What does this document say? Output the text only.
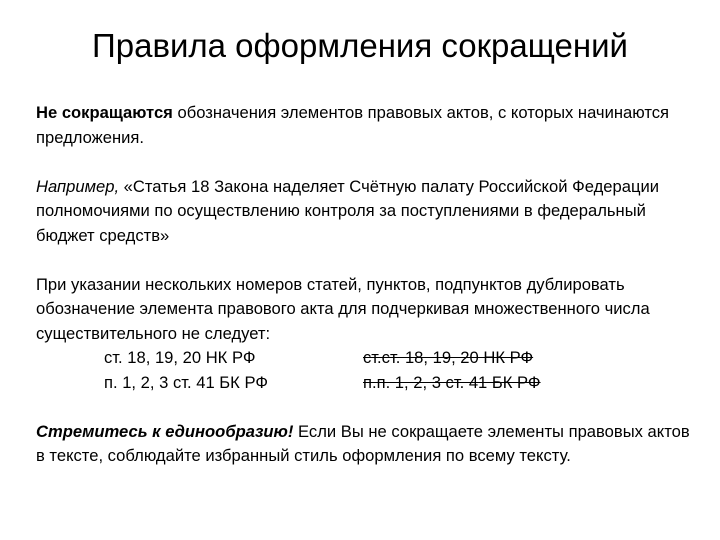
Правила оформления сокращений

Не сокращаются обозначения элементов правовых актов, с которых начинаются предложения.

Например, «Статья 18 Закона наделяет Счётную палату Российской Федерации полномочиями по осуществлению контроля за поступлениями в федеральный бюджет средств»

При указании нескольких номеров статей, пунктов, подпунктов дублировать обозначение элемента правового акта для подчеркивая множественного числа существительного не следует:

ст. 18, 19, 20 НК РФ	ст.ст. 18, 19, 20 НК РФ
п. 1, 2, 3 ст. 41 БК РФ	п.п. 1, 2, 3 ст. 41 БК РФ

Стремитесь к единообразию! Если Вы не сокращаете элементы правовых актов в тексте, соблюдайте избранный стиль оформления по всему тексту.
